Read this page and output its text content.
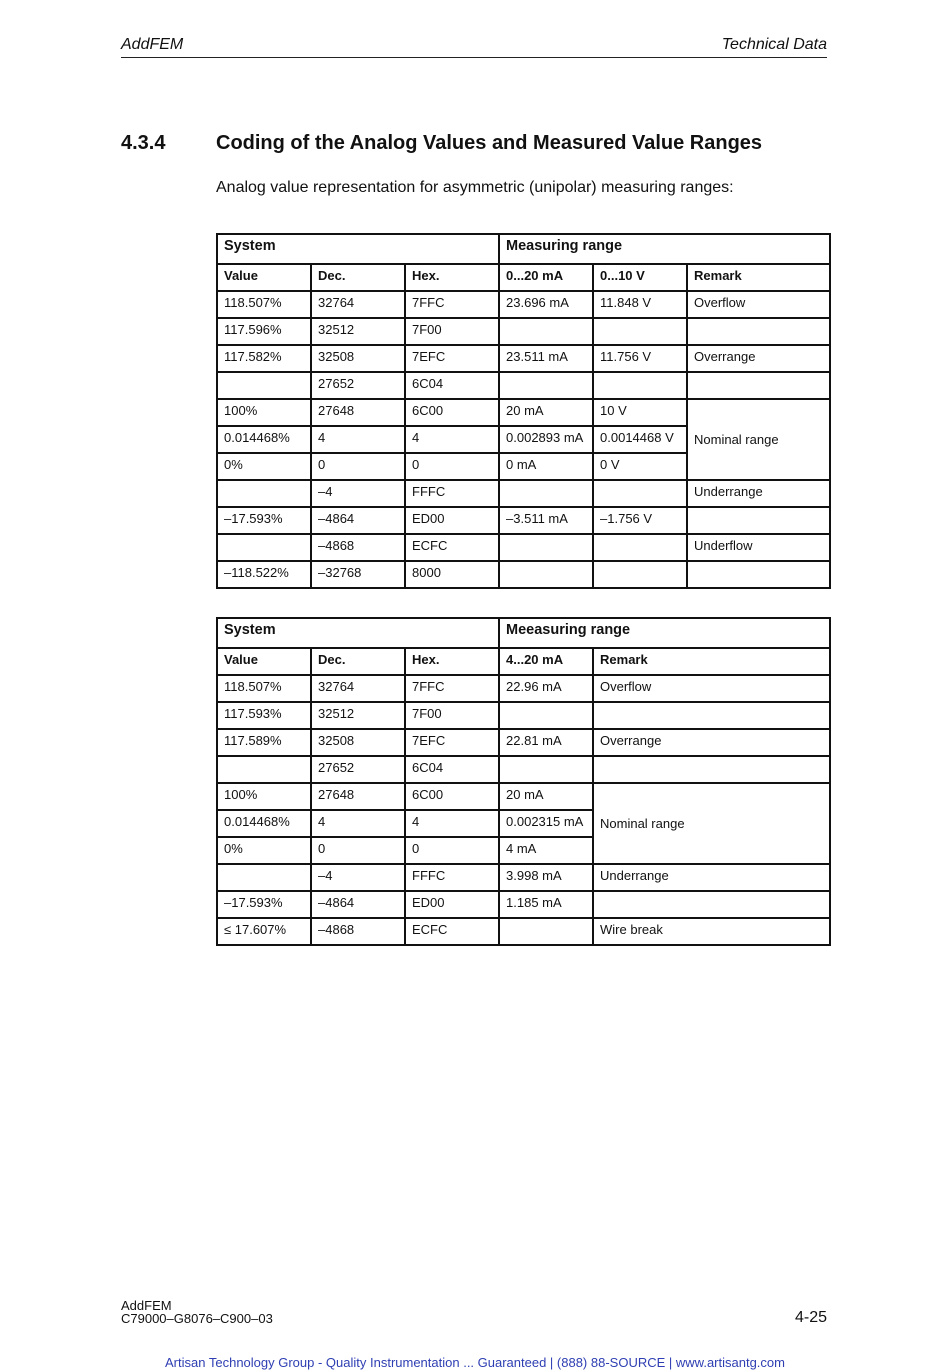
AddFEM	Technical Data
4.3.4	Coding of the Analog Values and Measured Value Ranges
Analog value representation for asymmetric (unipolar) measuring ranges:
System			Measuring range		
Value	Dec.	Hex.	0...20 mA	0...10 V	Remark
118.507%	32764	7FFC	23.696 mA	11.848 V	Overflow
117.596%	32512	7F00			
117.582%	32508	7EFC	23.511 mA	11.756 V	Overrange
	27652	6C04			
100%	27648	6C00	20 mA	10 V	Nominal range
0.014468%	4	4	0.002893 mA	0.0014468 V	
0%	0	0	0 mA	0 V	
	–4	FFFC			Underrange
–17.593%	–4864	ED00	–3.511 mA	–1.756 V	
	–4868	ECFC			Underflow
–118.522%	–32768	8000			
System			Meeasuring range	
Value	Dec.	Hex.	4...20 mA	Remark
118.507%	32764	7FFC	22.96 mA	Overflow
117.593%	32512	7F00		
117.589%	32508	7EFC	22.81 mA	Overrange
	27652	6C04		
100%	27648	6C00	20 mA	Nominal range
0.014468%	4	4	0.002315 mA	
0%	0	0	4 mA	
	–4	FFFC	3.998 mA	Underrange
–17.593%	–4864	ED00	1.185 mA	
≤ 17.607%	–4868	ECFC		Wire break
AddFEM
C79000–G8076–C900–03	4-25
Artisan Technology Group - Quality Instrumentation ... Guaranteed | (888) 88-SOURCE | www.artisantg.com
